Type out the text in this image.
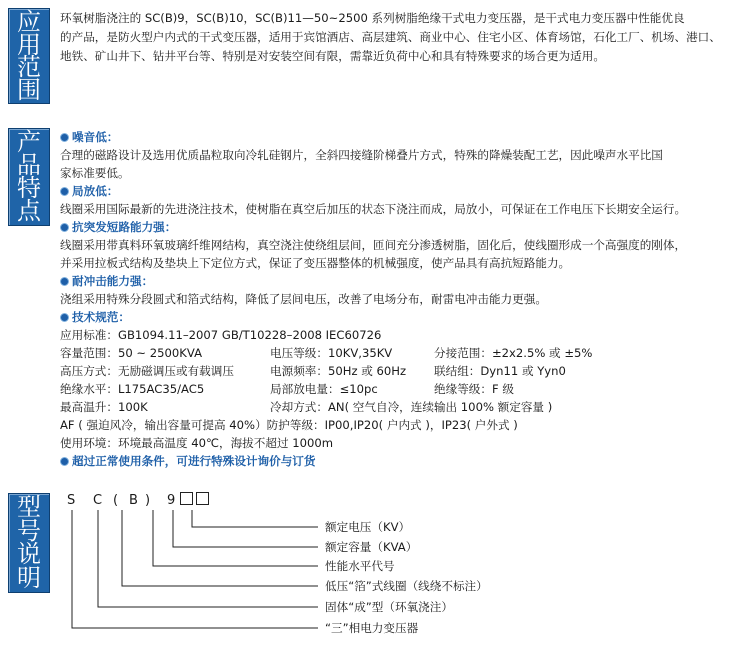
应用范围
产品特点
型号说明
环氧树脂浇注的 SC(B)9，SC(B)10，SC(B)11—50~2500 系列树脂绝缘干式电力变压器，是干式电力变压器中性能优良
的产品，是防火型户内式的干式变压器，适用于宾馆酒店、高层建筑、商业中心、住宅小区、体育场馆，石化工厂、机场、港口、
地铁、矿山井下、钻井平台等、特别是对安装空间有限，需靠近负荷中心和具有特殊要求的场合更为适用。
噪音低：
合理的磁路设计及选用优质晶粒取向冷轧硅钢片，全斜四接缝阶梯叠片方式，特殊的降燥装配工艺，因此噪声水平比国
家标准要低。
局放低：
线圈采用国际最新的先进浇注技术，使树脂在真空后加压的状态下浇注而成，局放小，可保证在工作电压下长期安全运行。
抗突发短路能力强：
线圈采用带真料环氧玻璃纤维网结构，真空浇注使绕组层间，匝间充分渗透树脂，固化后，使线圈形成一个高强度的刚体，
并采用拉板式结构及垫块上下定位方式，保证了变压器整体的机械强度，使产品具有高抗短路能力。
耐冲击能力强：
浇组采用特殊分段圆式和箔式结构，降低了层间电压，改善了电场分布，耐雷电冲击能力更强。
技术规范：
应用标准：GB1094.11–2007 GB/T10228–2008 IEC60726
容量范围：50 ~ 2500KVA	电压等级：10KV,35KV	分接范围：±2x2.5% 或 ±5%
高压方式：无励磁调压或有载调压	电源频率：50Hz 或 60Hz 联结组：Dyn11 或 Yyn0
绝缘水平：L175AC35/AC5	局部放电量：≤10pc	绝缘等级：F 级
最高温升：100K	冷却方式：AN( 空气自冷，连续输出 100% 额定容量 )
AF ( 强迫风冷，输出容量可提高 40%）防护等级：IP00,IP20( 户内式 )，IP23( 户外式 )
使用环境：环境最高温度 40℃，海拔不超过 1000m
超过正常使用条件，可进行特殊设计询价与订货
S C ( B ) 9
额定电压（KV）
额定容量（KVA）
性能水平代号
低压“箔”式线圈（线绕不标注）
固体“成”型（环氧浇注）
“三”相电力变压器
